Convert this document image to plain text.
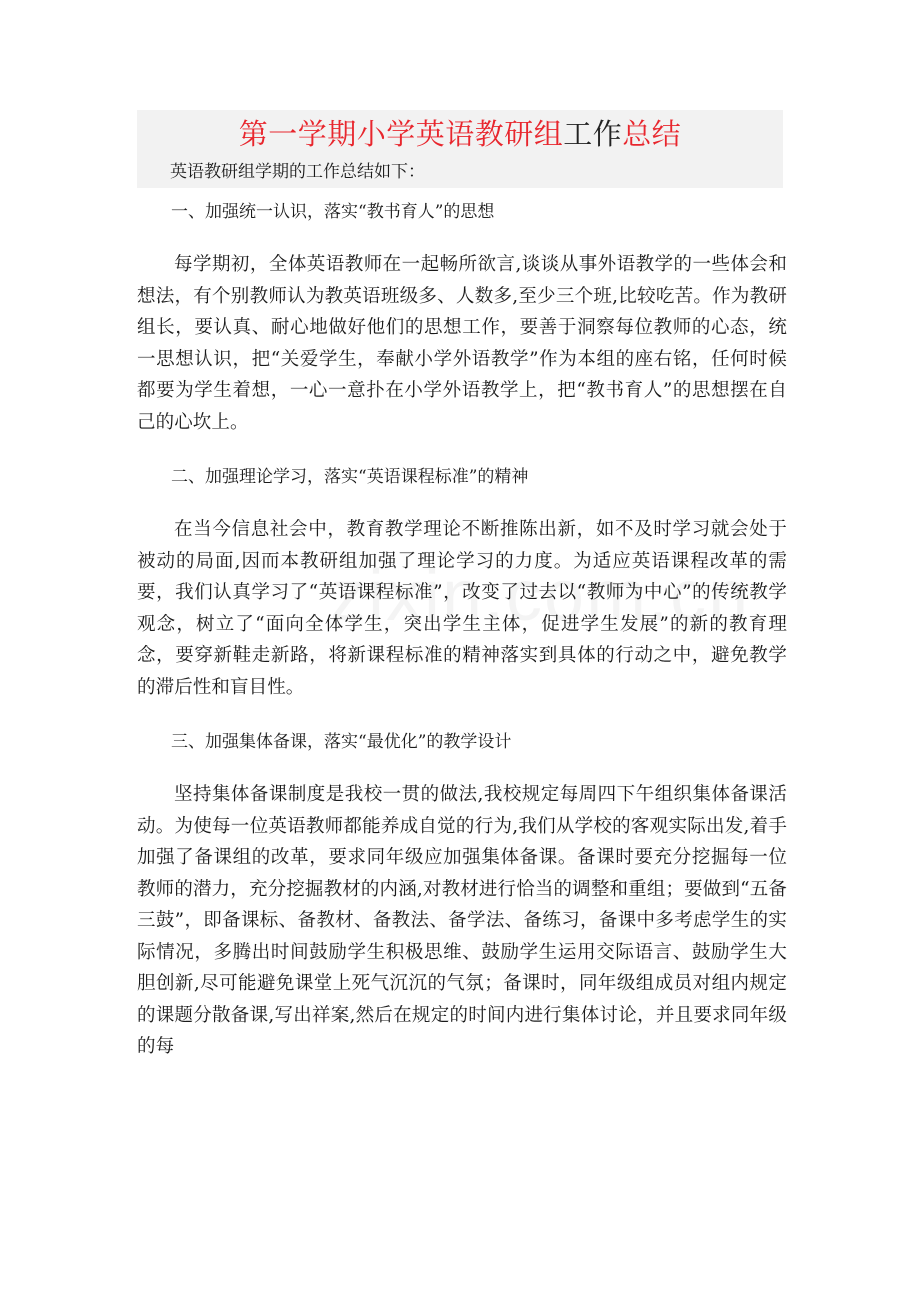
第一学期小学英语教研组工作总结

英语教研组学期的工作总结如下：

一、加强统一认识，落实“教书育人”的思想

每学期初，全体英语教师在一起畅所欲言,谈谈从事外语教学的一些体会和想法，有个别教师认为教英语班级多、人数多,至少三个班,比较吃苦。作为教研组长，要认真、耐心地做好他们的思想工作，要善于洞察每位教师的心态，统一思想认识，把“关爱学生，奉献小学外语教学”作为本组的座右铭，任何时候都要为学生着想，一心一意扑在小学外语教学上，把“教书育人”的思想摆在自己的心坎上。

二、加强理论学习，落实“英语课程标准”的精神

在当今信息社会中，教育教学理论不断推陈出新，如不及时学习就会处于被动的局面,因而本教研组加强了理论学习的力度。为适应英语课程改革的需要，我们认真学习了“英语课程标准”，改变了过去以“教师为中心”的传统教学观念，树立了“面向全体学生，突出学生主体，促进学生发展”的新的教育理念，要穿新鞋走新路，将新课程标准的精神落实到具体的行动之中，避免教学的滞后性和盲目性。

三、加强集体备课，落实“最优化”的教学设计

坚持集体备课制度是我校一贯的做法,我校规定每周四下午组织集体备课活动。为使每一位英语教师都能养成自觉的行为,我们从学校的客观实际出发,着手加强了备课组的改革，要求同年级应加强集体备课。备课时要充分挖掘每一位教师的潜力，充分挖掘教材的内涵,对教材进行恰当的调整和重组；要做到“五备三鼓”，即备课标、备教材、备教法、备学法、备练习，备课中多考虑学生的实际情况，多腾出时间鼓励学生积极思维、鼓励学生运用交际语言、鼓励学生大胆创新,尽可能避免课堂上死气沉沉的气氛；备课时，同年级组成员对组内规定的课题分散备课,写出祥案,然后在规定的时间内进行集体讨论，并且要求同年级的每
